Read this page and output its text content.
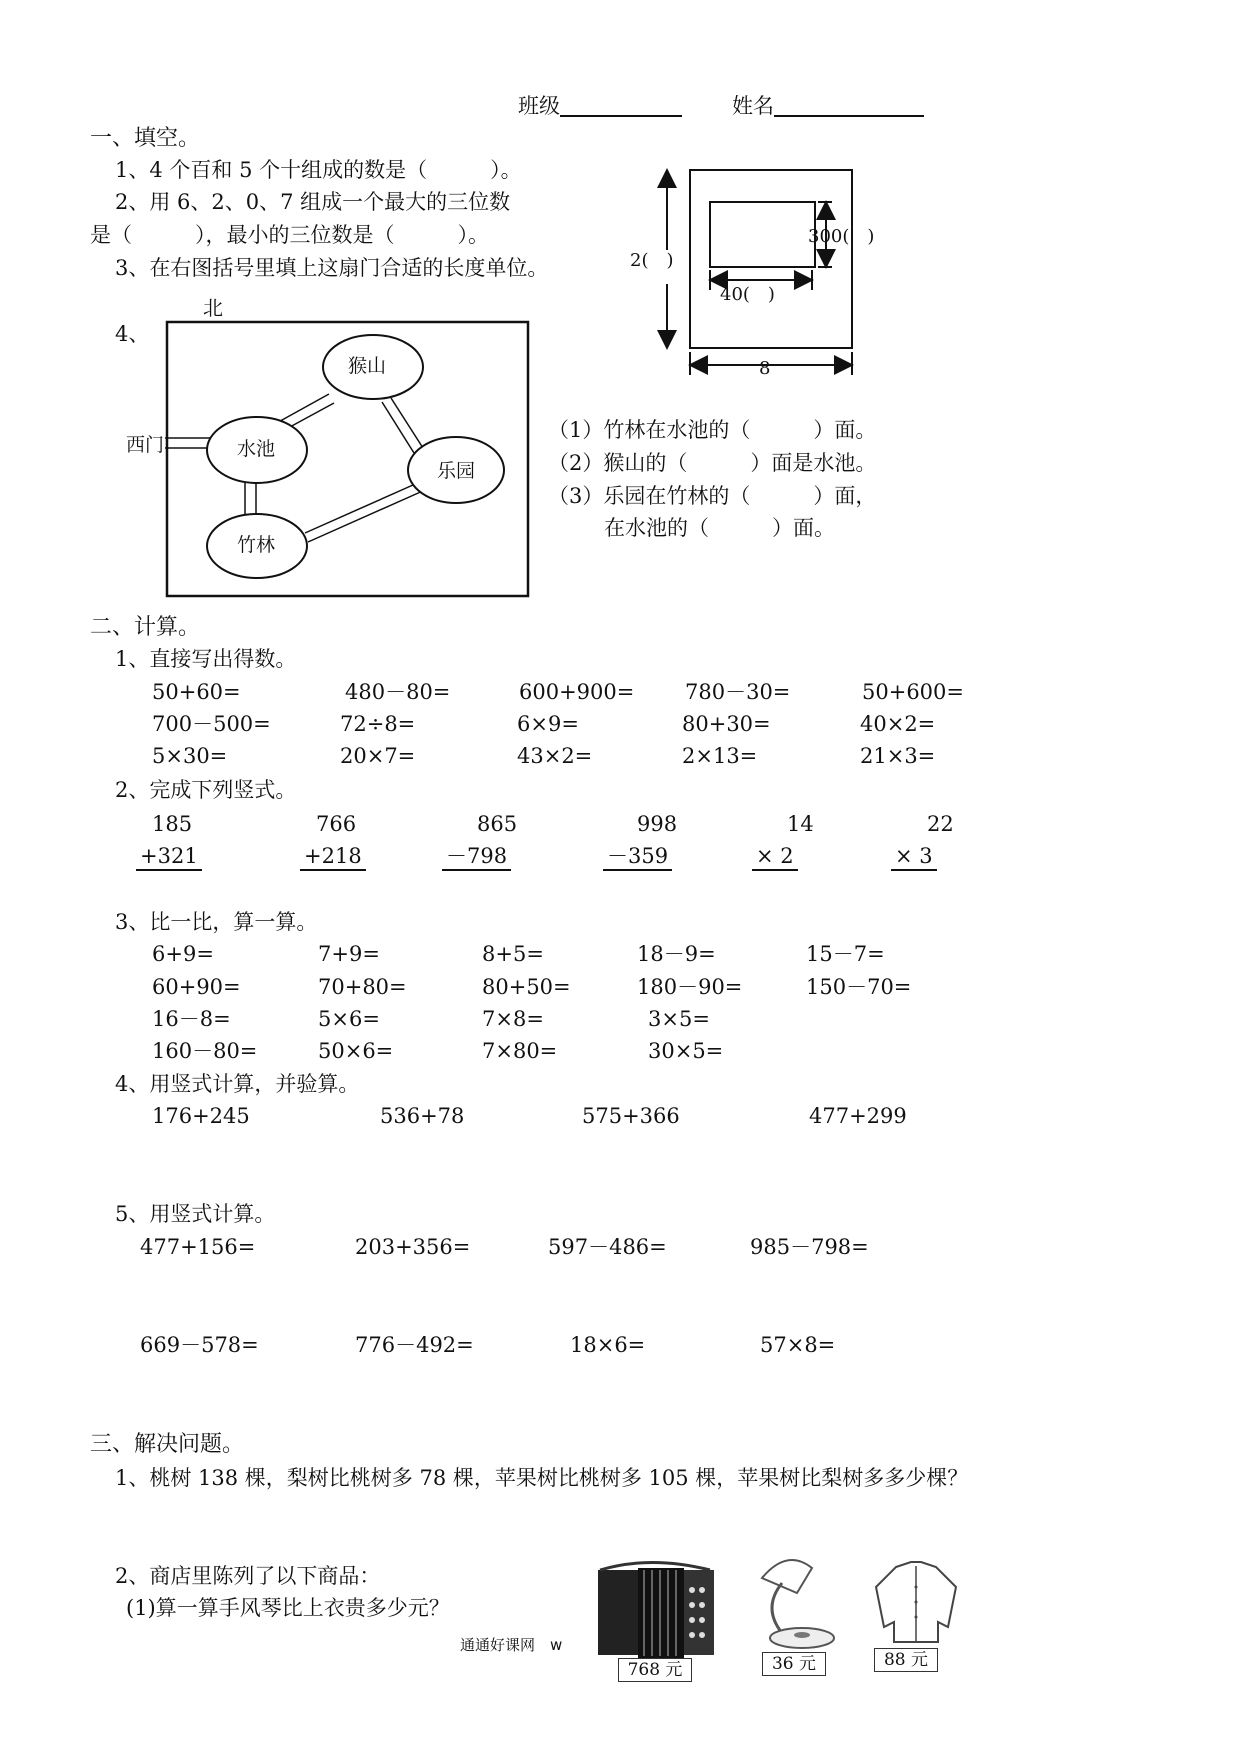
班级	姓名
一、填空。
1、4 个百和 5 个十组成的数是（　　　）。
2、用 6、2、0、7 组成一个最大的三位数
是（　　　），最小的三位数是（　　　）。
3、在右图括号里填上这扇门合适的长度单位。
4、
2(　)
300(　)
40(　)
8
北
西门
猴山
水池
乐园
竹林
（1）竹林在水池的（　　　）面。
（2）猴山的（　　　）面是水池。
（3）乐园在竹林的（　　　）面，
在水池的（　　　）面。
二、计算。
1、直接写出得数。
50+60=	480－80=	600+900= 780－30=	50+600=
700－500=	72÷8=	6×9=	80+30=	40×2=
5×30=	20×7=	43×2=	2×13=	21×3=
2、完成下列竖式。
185
+321
766
+218
865
－798
998
－359
14
× 2
22
× 3
3、比一比，算一算。
6+9=	7+9=	8+5=	18－9=	15－7=
60+90=	70+80=	80+50=	180－90=	150－70=
16－8=	5×6=	7×8=	3×5=
160－80=	50×6=	7×80=	30×5=
4、用竖式计算，并验算。
176+245	536+78	575+366	477+299
5、用竖式计算。
477+156=	203+356=	597－486=	985－798=
669－578=	776－492=	18×6=	57×8=
三、解决问题。
1、桃树 138 棵，梨树比桃树多 78 棵，苹果树比桃树多 105 棵，苹果树比梨树多多少棵？
2、商店里陈列了以下商品：
(1)算一算手风琴比上衣贵多少元？
通通好课网　w
768 元	36 元	88 元
